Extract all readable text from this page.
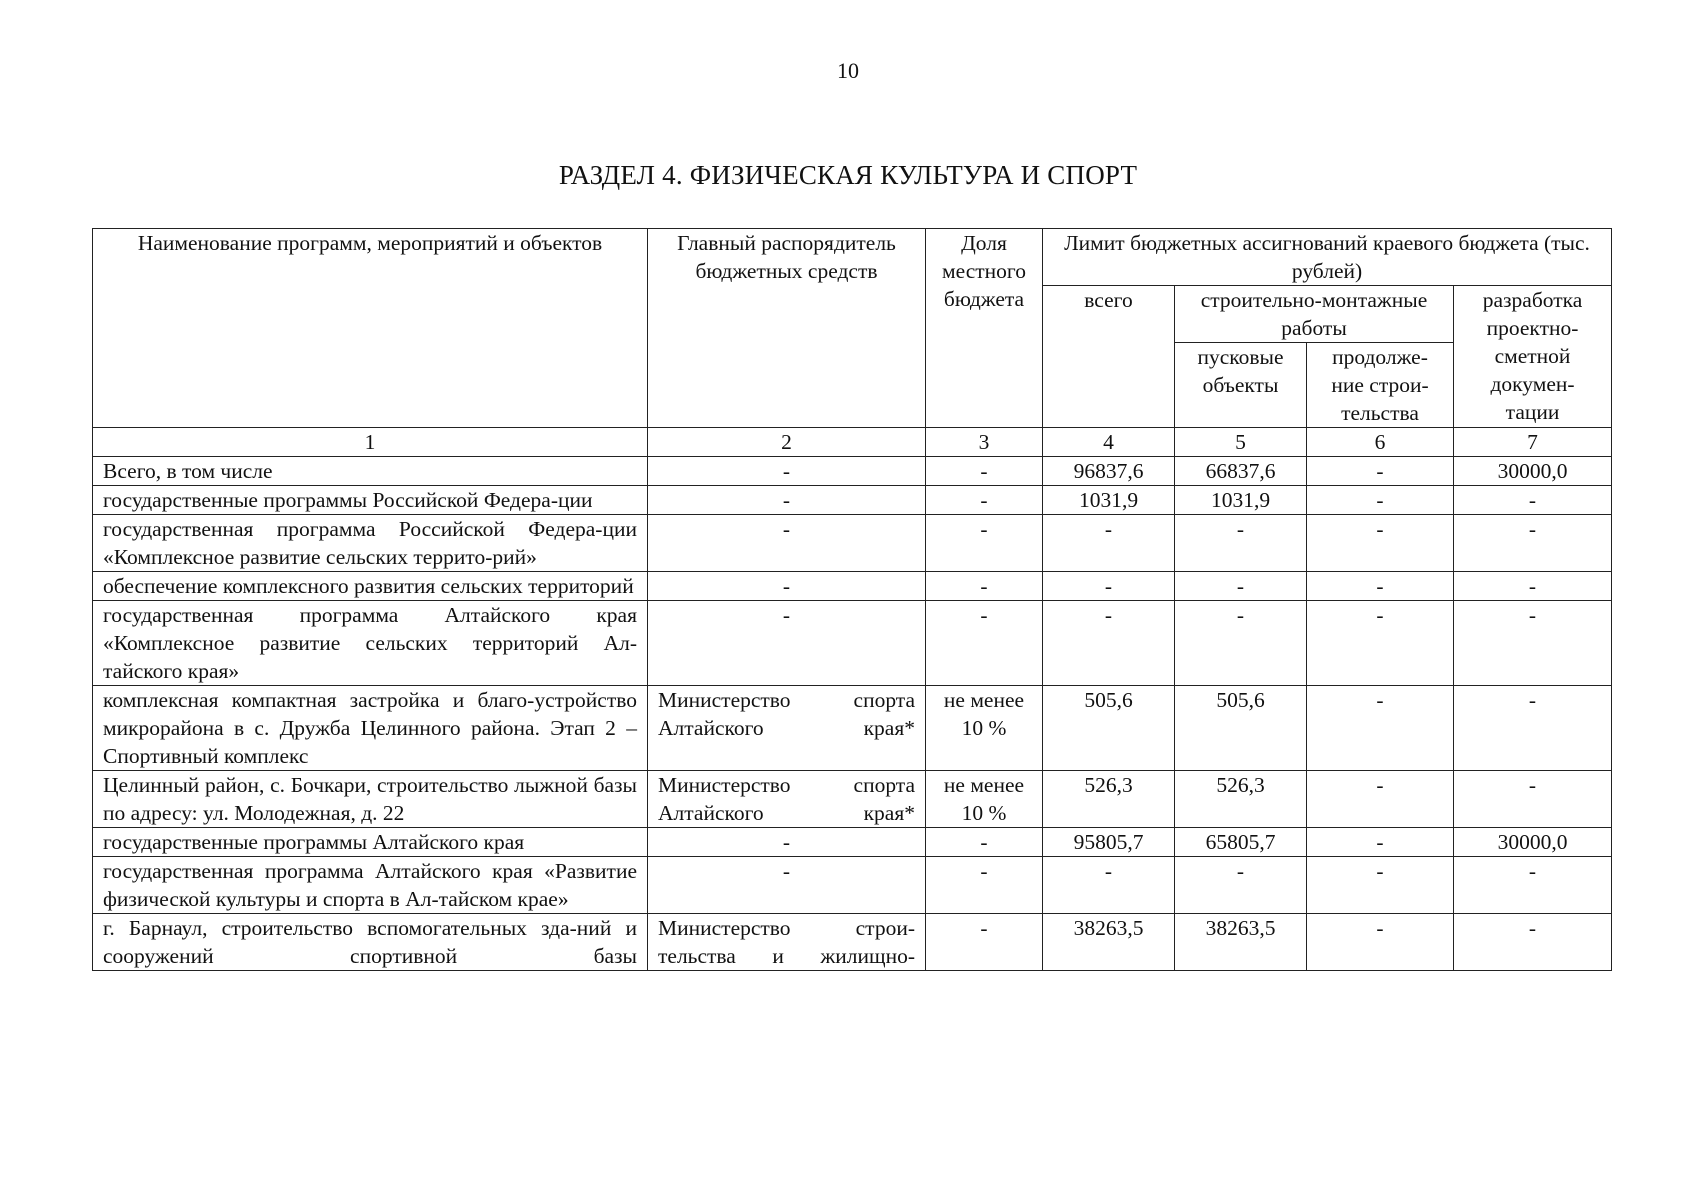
10
РАЗДЕЛ 4. ФИЗИЧЕСКАЯ КУЛЬТУРА И СПОРТ
Наименование программ, мероприятий и объектов	Главный распорядитель бюджетных средств	Доля местного бюджета	Лимит бюджетных ассигнований краевого бюджета (тыс. рублей)			
			всего	строительно-монтажные работы		разработка проектно-сметной докумен-тации
				пусковые объекты	продолже-ние строи-тельства	
1	2	3	4	5	6	7
Всего, в том числе	-	-	96837,6	66837,6	-	30000,0
государственные программы Российской Федера-ции	-	-	1031,9	1031,9	-	-
государственная программа Российской Федера-ции «Комплексное развитие сельских террито-рий»	-	-	-	-	-	-
обеспечение комплексного развития сельских территорий	-	-	-	-	-	-
государственная программа Алтайского края «Комплексное развитие сельских территорий Ал-тайского края»	-	-	-	-	-	-
комплексная компактная застройка и благо-устройство микрорайона в с. Дружба Целинного района. Этап 2 – Спортивный комплекс	Министерство спорта Алтайского края*	не менее 10 %	505,6	505,6	-	-
Целинный район, с. Бочкари, строительство лыжной базы по адресу: ул. Молодежная, д. 22	Министерство спорта Алтайского края*	не менее 10 %	526,3	526,3	-	-
государственные программы Алтайского края	-	-	95805,7	65805,7	-	30000,0
государственная программа Алтайского края «Развитие физической культуры и спорта в Ал-тайском крае»	-	-	-	-	-	-
г. Барнаул, строительство вспомогательных зда-ний и сооружений спортивной базы	Министерство строи-тельства и жилищно-	-	38263,5	38263,5	-	-
